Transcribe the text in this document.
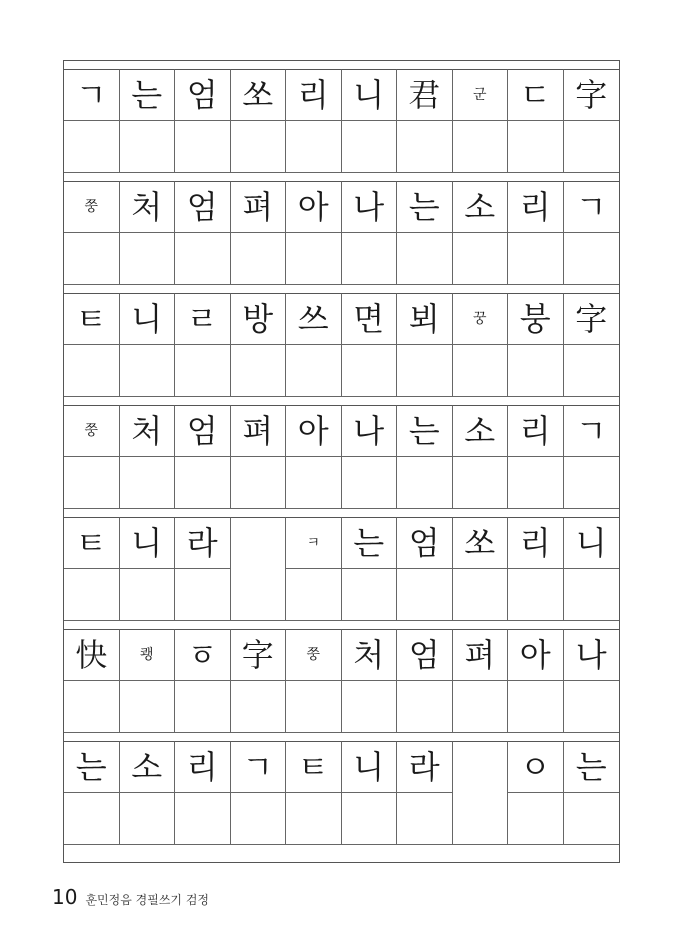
ㄱ 는 엄 쏘 리 니 君 군 ㄷ 字
쭝 처 엄 펴 아 나 는 소 리 ㄱ
ㅌ 니 ㄹ 방 쓰 면 뵈 꿍 붕 字
쭝 처 엄 펴 아 나 는 소 리 ㄱ
ㅌ 니 라	ㅋ 는 엄 쏘 리 니
快 쾡 ㆆ 字 쭝 처 엄 펴 아 나
는 소 리 ㄱ ㅌ 니 라	ㅇ 는
10 훈민정음 경필쓰기 검정
